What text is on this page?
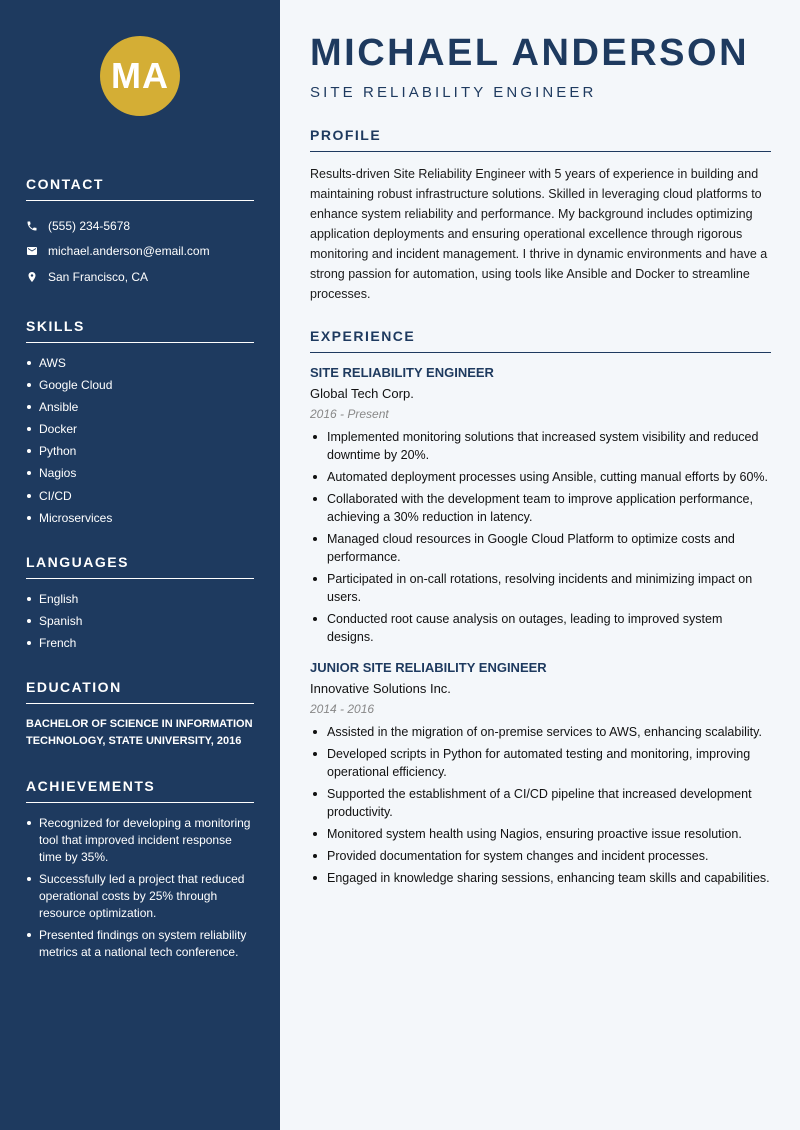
MA
CONTACT
(555) 234-5678
michael.anderson@email.com
San Francisco, CA
SKILLS
AWS
Google Cloud
Ansible
Docker
Python
Nagios
CI/CD
Microservices
LANGUAGES
English
Spanish
French
EDUCATION

BACHELOR OF SCIENCE IN INFORMATION TECHNOLOGY, STATE UNIVERSITY, 2016

ACHIEVEMENTS
Recognized for developing a monitoring tool that improved incident response time by 35%.
Successfully led a project that reduced operational costs by 25% through resource optimization.
Presented findings on system reliability metrics at a national tech conference.
MICHAEL ANDERSON
SITE RELIABILITY ENGINEER
PROFILE

Results-driven Site Reliability Engineer with 5 years of experience in building and maintaining robust infrastructure solutions. Skilled in leveraging cloud platforms to enhance system reliability and performance. My background includes optimizing application deployments and ensuring operational excellence through rigorous monitoring and incident management. I thrive in dynamic environments and have a strong passion for automation, using tools like Ansible and Docker to streamline processes.

EXPERIENCE
SITE RELIABILITY ENGINEER
Global Tech Corp.
2016 - Present
Implemented monitoring solutions that increased system visibility and reduced downtime by 20%.
Automated deployment processes using Ansible, cutting manual efforts by 60%.
Collaborated with the development team to improve application performance, achieving a 30% reduction in latency.
Managed cloud resources in Google Cloud Platform to optimize costs and performance.
Participated in on-call rotations, resolving incidents and minimizing impact on users.
Conducted root cause analysis on outages, leading to improved system designs.
JUNIOR SITE RELIABILITY ENGINEER
Innovative Solutions Inc.
2014 - 2016
Assisted in the migration of on-premise services to AWS, enhancing scalability.
Developed scripts in Python for automated testing and monitoring, improving operational efficiency.
Supported the establishment of a CI/CD pipeline that increased development productivity.
Monitored system health using Nagios, ensuring proactive issue resolution.
Provided documentation for system changes and incident processes.
Engaged in knowledge sharing sessions, enhancing team skills and capabilities.
